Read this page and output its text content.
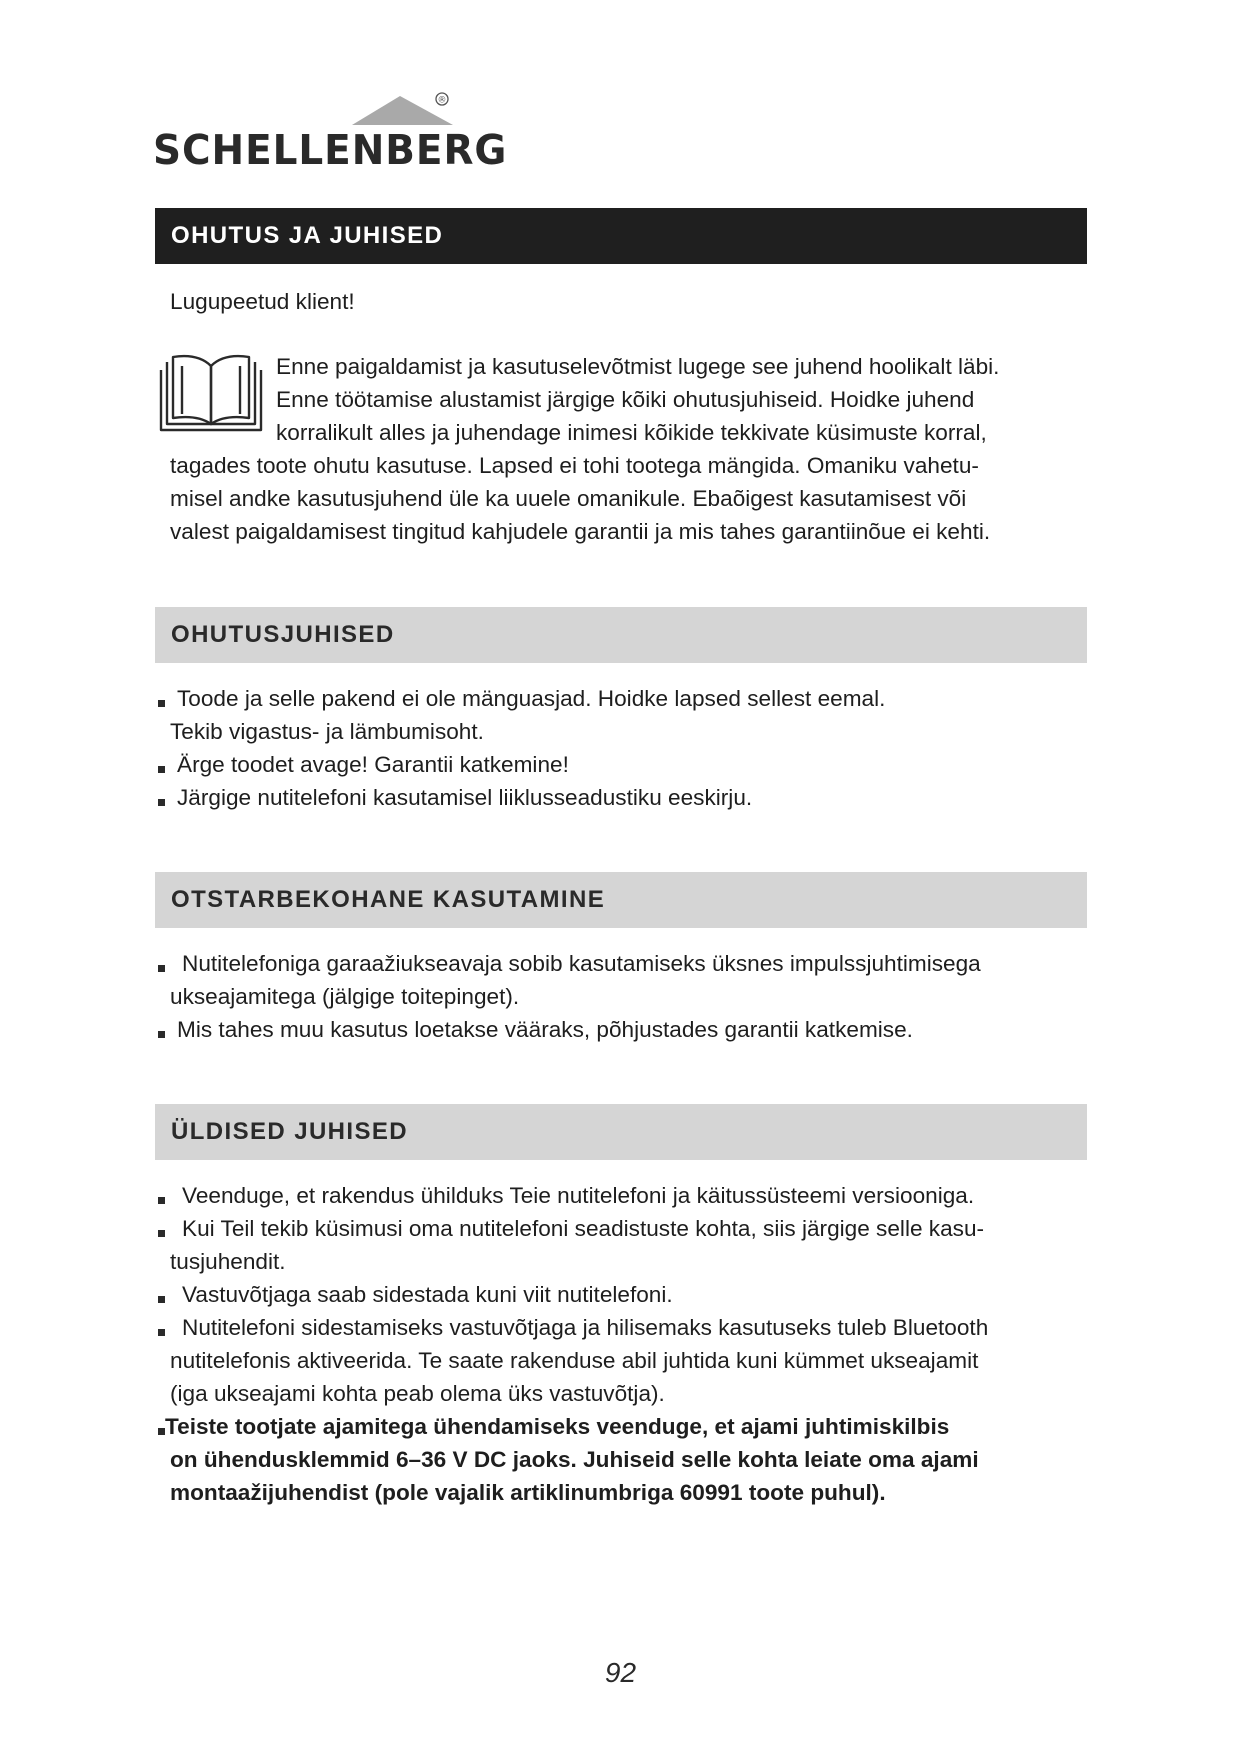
®
SCHELLENBERG
OHUTUS JA JUHISED
Lugupeetud klient!
Enne paigaldamist ja kasutuselevõtmist lugege see juhend hoolikalt läbi.
Enne töötamise alustamist järgige kõiki ohutusjuhiseid. Hoidke juhend
korralikult alles ja juhendage inimesi kõikide tekkivate küsimuste korral,
tagades toote ohutu kasutuse. Lapsed ei tohi tootega mängida. Omaniku vahetu-
misel andke kasutusjuhend üle ka uuele omanikule. Ebaõigest kasutamisest või
valest paigaldamisest tingitud kahjudele garantii ja mis tahes garantiinõue ei kehti.
OHUTUSJUHISED
Toode ja selle pakend ei ole mänguasjad. Hoidke lapsed sellest eemal.
Tekib vigastus- ja lämbumisoht.
Ärge toodet avage! Garantii katkemine!
Järgige nutitelefoni kasutamisel liiklusseadustiku eeskirju.
OTSTARBEKOHANE KASUTAMINE
Nutitelefoniga garaažiukseavaja sobib kasutamiseks üksnes impulssjuhtimisega
ukseajamitega (jälgige toitepinget).
Mis tahes muu kasutus loetakse vääraks, põhjustades garantii katkemise.
ÜLDISED JUHISED
Veenduge, et rakendus ühilduks Teie nutitelefoni ja käitussüsteemi versiooniga.
Kui Teil tekib küsimusi oma nutitelefoni seadistuste kohta, siis järgige selle kasu-
tusjuhendit.
Vastuvõtjaga saab sidestada kuni viit nutitelefoni.
Nutitelefoni sidestamiseks vastuvõtjaga ja hilisemaks kasutuseks tuleb Bluetooth
nutitelefonis aktiveerida. Te saate rakenduse abil juhtida kuni kümmet ukseajamit
(iga ukseajami kohta peab olema üks vastuvõtja).
Teiste tootjate ajamitega ühendamiseks veenduge, et ajami juhtimiskilbis
on ühendusklemmid 6–36 V DC jaoks. Juhiseid selle kohta leiate oma ajami
montaažijuhendist (pole vajalik artiklinumbriga 60991 toote puhul).
92
